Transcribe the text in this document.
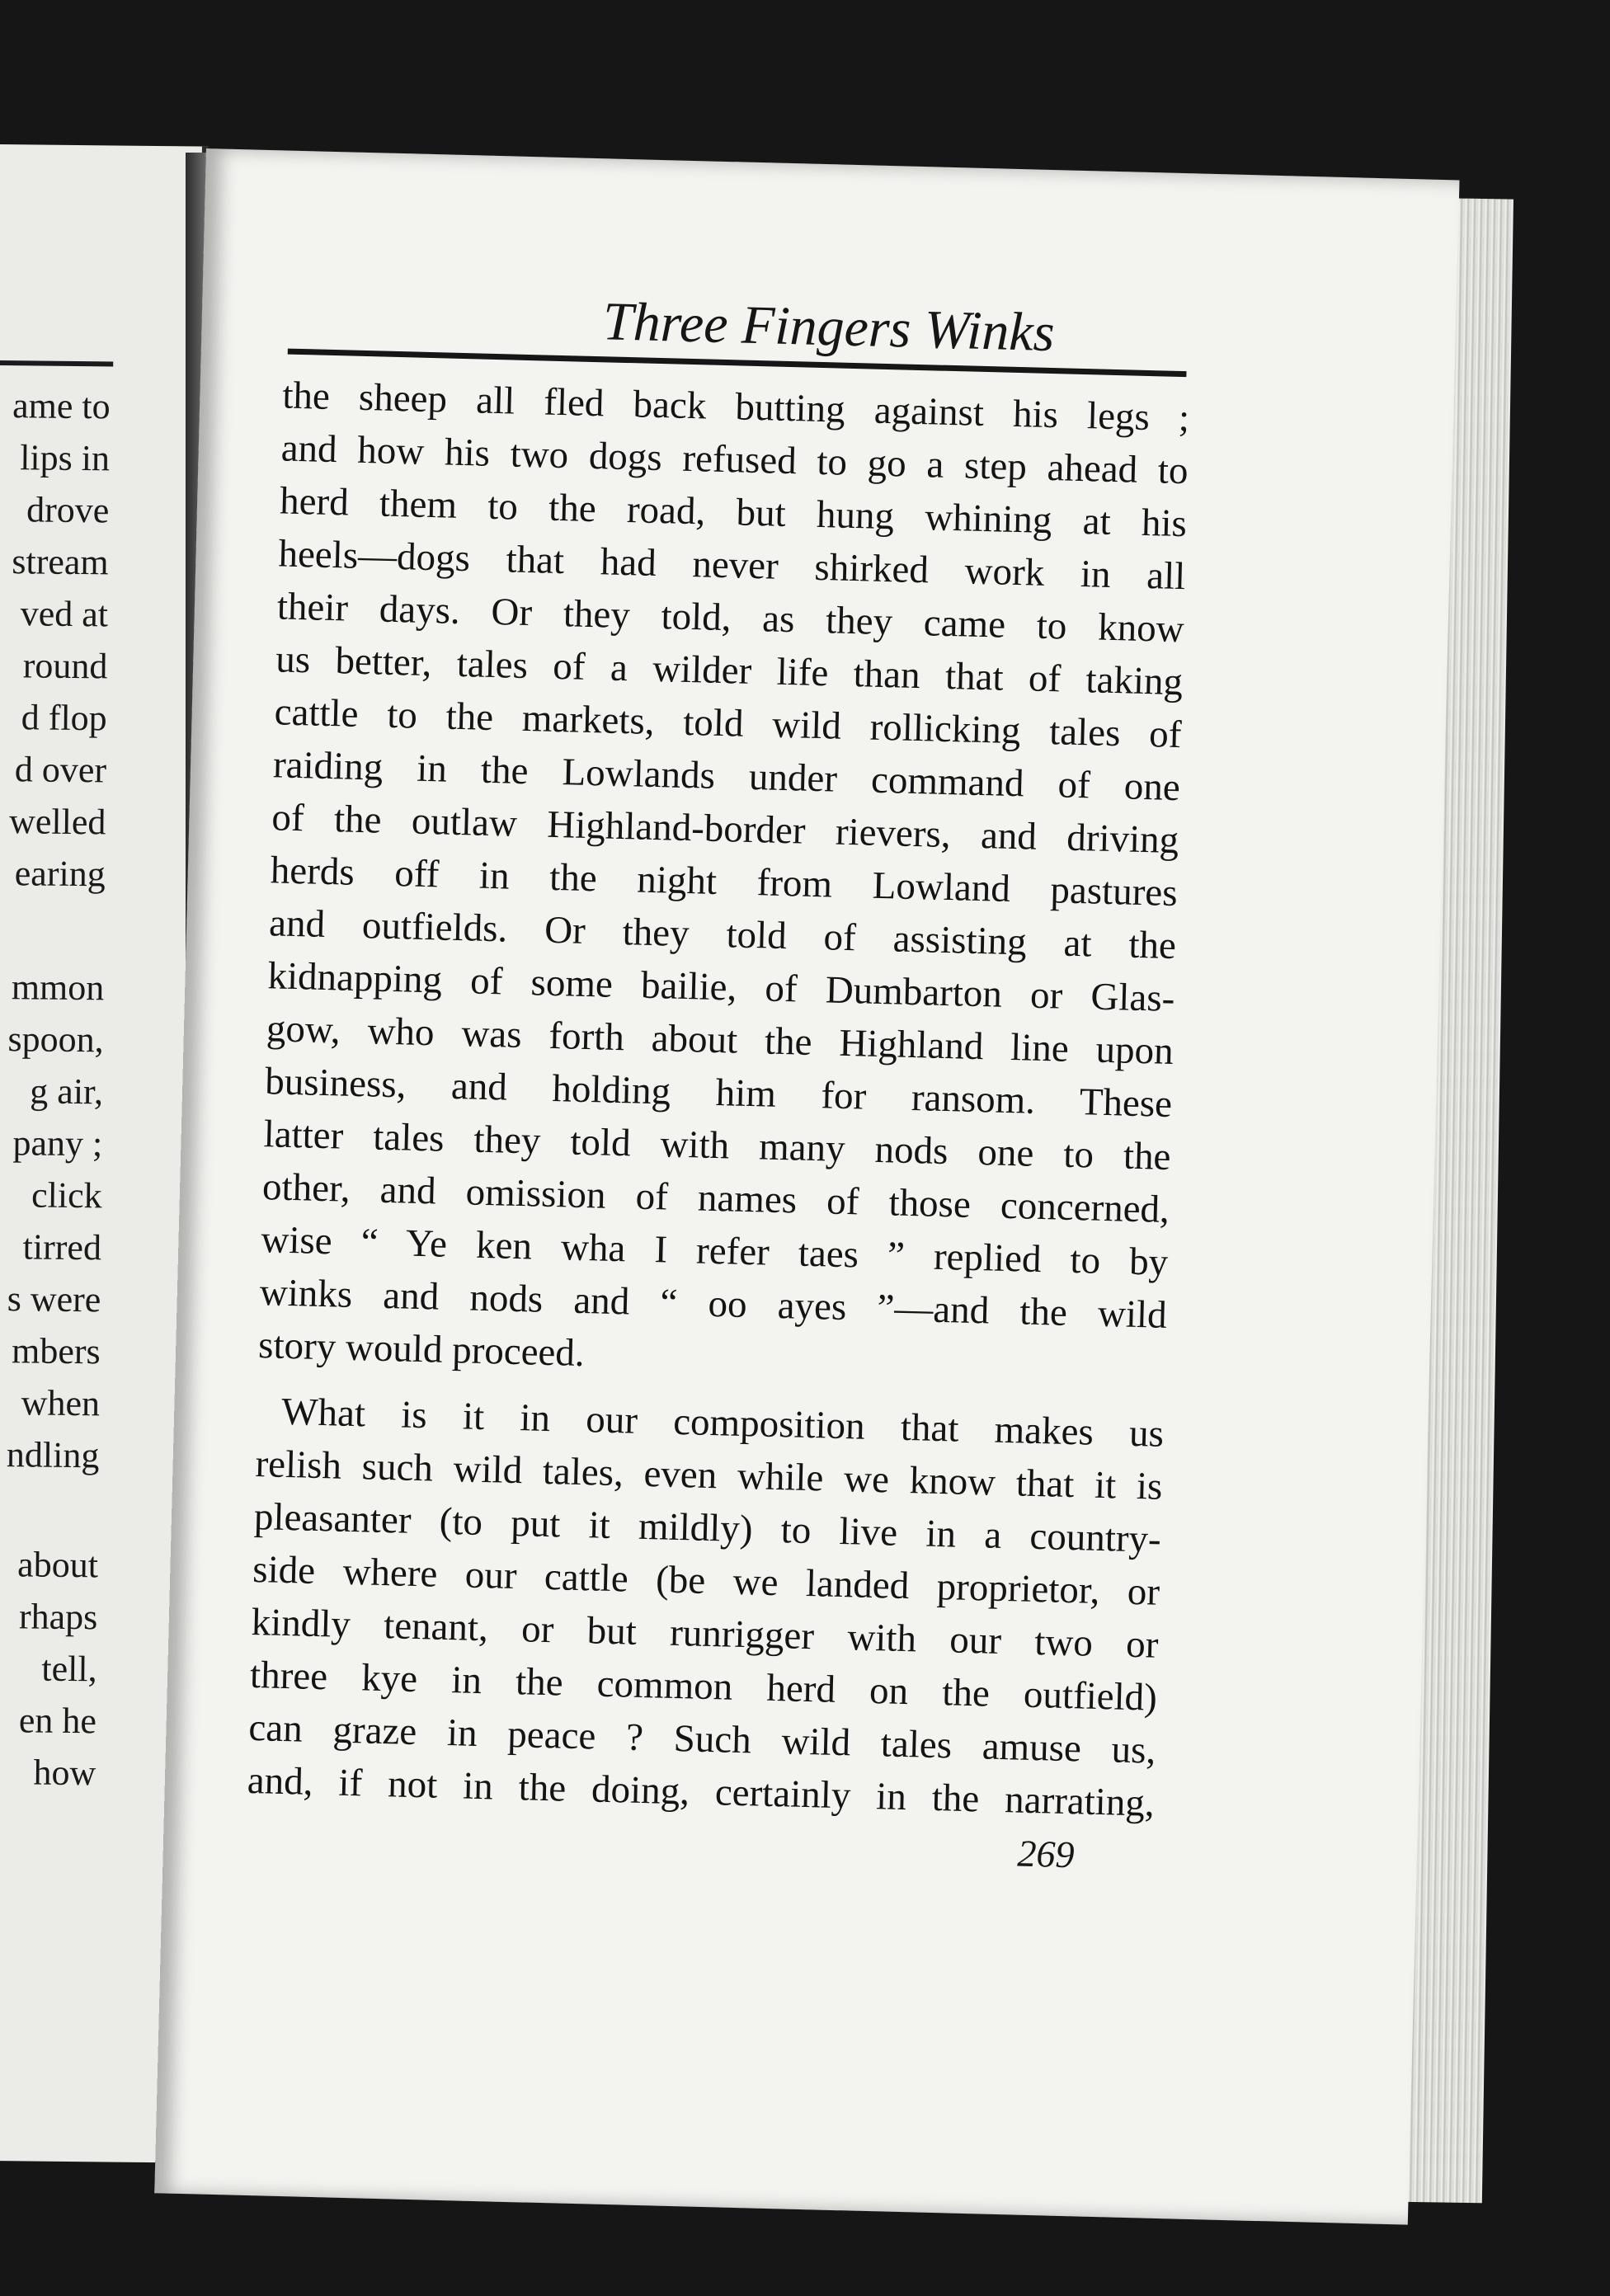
ame to
lips in
drove
stream
ved at
round
d flop
d over
welled
earing
mmon
spoon,
g air,
pany ;
click
tirred
s were
mbers
when
ndling
about
rhaps
tell,
en he
how
Three Fingers Winks
the sheep all fled back butting against his legs ;
and how his two dogs refused to go a step ahead to
herd them to the road, but hung whining at his
heels—dogs that had never shirked work in all
their days. Or they told, as they came to know
us better, tales of a wilder life than that of taking
cattle to the markets, told wild rollicking tales of
raiding in the Lowlands under command of one
of the outlaw Highland-border rievers, and driving
herds off in the night from Lowland pastures
and outfields. Or they told of assisting at the
kidnapping of some bailie, of Dumbarton or Glas-
gow, who was forth about the Highland line upon
business, and holding him for ransom. These
latter tales they told with many nods one to the
other, and omission of names of those concerned,
wise “ Ye ken wha I refer taes ” replied to by
winks and nods and “ oo ayes ”—and the wild
story would proceed.
What is it in our composition that makes us
relish such wild tales, even while we know that it is
pleasanter (to put it mildly) to live in a country-
side where our cattle (be we landed proprietor, or
kindly tenant, or but runrigger with our two or
three kye in the common herd on the outfield)
can graze in peace ? Such wild tales amuse us,
and, if not in the doing, certainly in the narrating,
269
